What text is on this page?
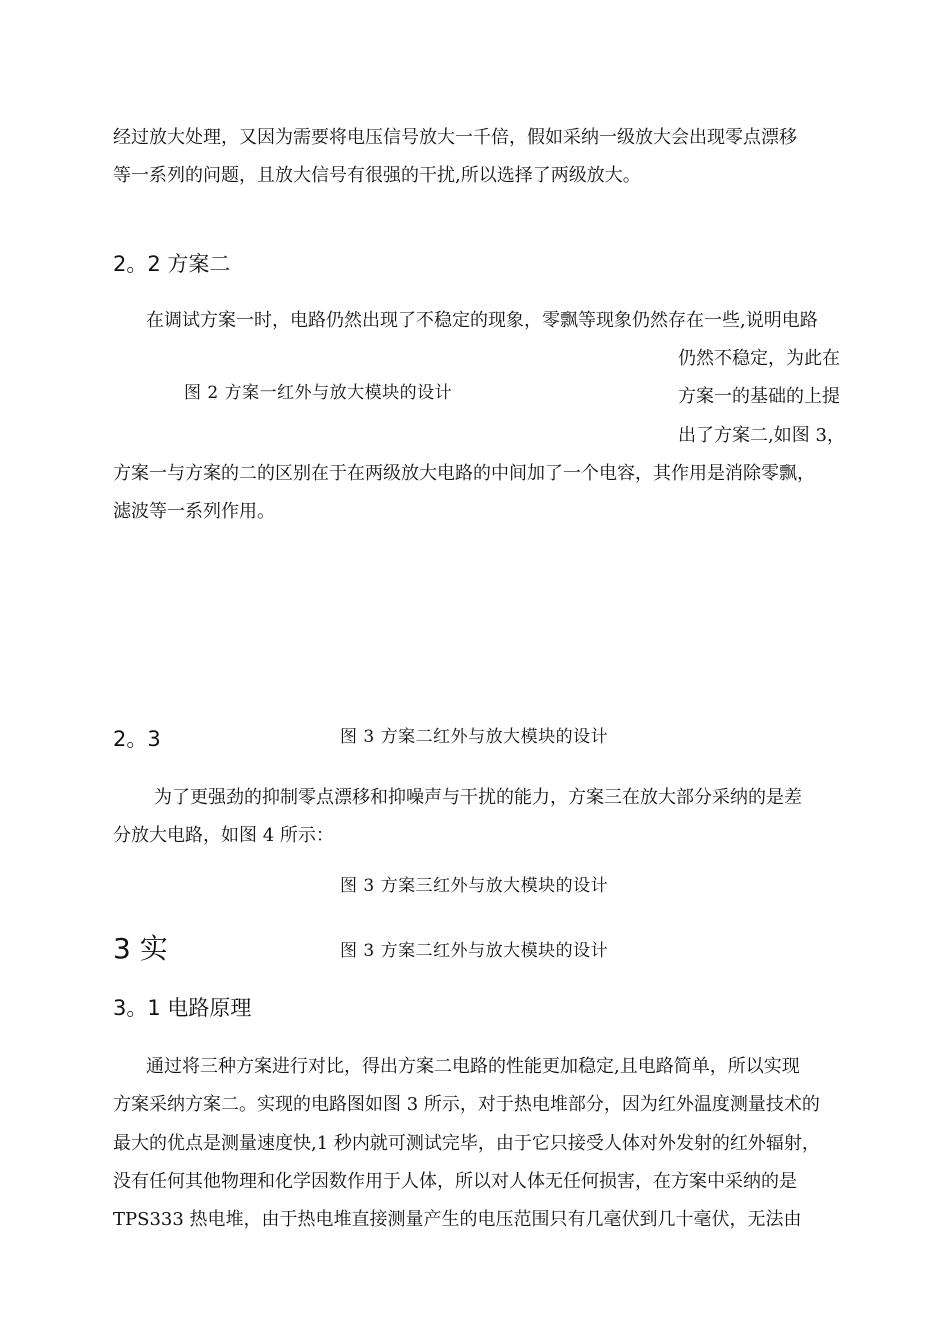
经过放大处理，又因为需要将电压信号放大一千倍，假如采纳一级放大会出现零点漂移
等一系列的问题，且放大信号有很强的干扰,所以选择了两级放大。
2。2 方案二
在调试方案一时，电路仍然出现了不稳定的现象，零飘等现象仍然存在一些,说明电路
仍然不稳定，为此在
图 2 方案一红外与放大模块的设计	方案一的基础的上提
出了方案二,如图 3，
方案一与方案的二的区别在于在两级放大电路的中间加了一个电容，其作用是消除零飘，
滤波等一系列作用。
2。3	图 3 方案二红外与放大模块的设计
为了更强劲的抑制零点漂移和抑噪声与干扰的能力，方案三在放大部分采纳的是差
分放大电路，如图 4 所示：
图 3 方案三红外与放大模块的设计
3 实	图 3 方案二红外与放大模块的设计
3。1 电路原理
通过将三种方案进行对比，得出方案二电路的性能更加稳定,且电路简单，所以实现
方案采纳方案二。实现的电路图如图 3 所示，对于热电堆部分，因为红外温度测量技术的
最大的优点是测量速度快,1 秒内就可测试完毕，由于它只接受人体对外发射的红外辐射，
没有任何其他物理和化学因数作用于人体，所以对人体无任何损害，在方案中采纳的是
TPS333 热电堆，由于热电堆直接测量产生的电压范围只有几毫伏到几十毫伏，无法由
